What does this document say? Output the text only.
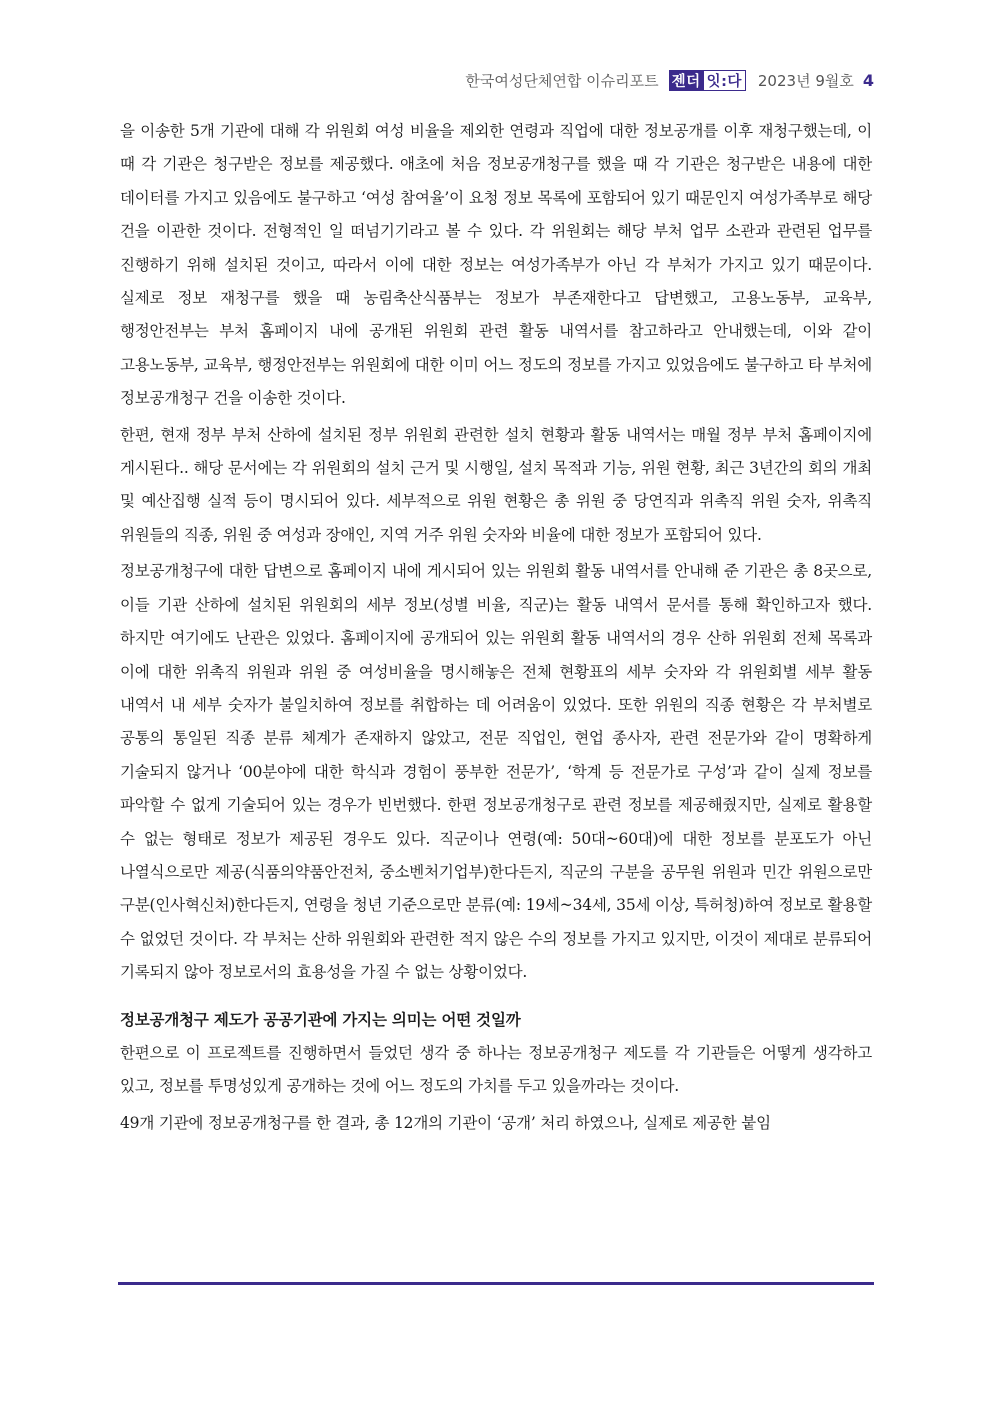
한국여성단체연합 이슈리포트 젠더 잇:다 2023년 9월호 4

을 이송한 5개 기관에 대해 각 위원회 여성 비율을 제외한 연령과 직업에 대한 정보공개를 이후 재청구했는데, 이 때 각 기관은 청구받은 정보를 제공했다. 애초에 처음 정보공개청구를 했을 때 각 기관은 청구받은 내용에 대한 데이터를 가지고 있음에도 불구하고 ‘여성 참여율’이 요청 정보 목록에 포함되어 있기 때문인지 여성가족부로 해당 건을 이관한 것이다. 전형적인 일 떠넘기기라고 볼 수 있다. 각 위원회는 해당 부처 업무 소관과 관련된 업무를 진행하기 위해 설치된 것이고, 따라서 이에 대한 정보는 여성가족부가 아닌 각 부처가 가지고 있기 때문이다. 실제로 정보 재청구를 했을 때 농림축산식품부는 정보가 부존재한다고 답변했고, 고용노동부, 교육부, 행정안전부는 부처 홈페이지 내에 공개된 위원회 관련 활동 내역서를 참고하라고 안내했는데, 이와 같이 고용노동부, 교육부, 행정안전부는 위원회에 대한 이미 어느 정도의 정보를 가지고 있었음에도 불구하고 타 부처에 정보공개청구 건을 이송한 것이다.

한편, 현재 정부 부처 산하에 설치된 정부 위원회 관련한 설치 현황과 활동 내역서는 매월 정부 부처 홈페이지에 게시된다.. 해당 문서에는 각 위원회의 설치 근거 및 시행일, 설치 목적과 기능, 위원 현황, 최근 3년간의 회의 개최 및 예산집행 실적 등이 명시되어 있다. 세부적으로 위원 현황은 총 위원 중 당연직과 위촉직 위원 숫자, 위촉직 위원들의 직종, 위원 중 여성과 장애인, 지역 거주 위원 숫자와 비율에 대한 정보가 포함되어 있다.

정보공개청구에 대한 답변으로 홈페이지 내에 게시되어 있는 위원회 활동 내역서를 안내해 준 기관은 총 8곳으로, 이들 기관 산하에 설치된 위원회의 세부 정보(성별 비율, 직군)는 활동 내역서 문서를 통해 확인하고자 했다. 하지만 여기에도 난관은 있었다. 홈페이지에 공개되어 있는 위원회 활동 내역서의 경우 산하 위원회 전체 목록과 이에 대한 위촉직 위원과 위원 중 여성비율을 명시해놓은 전체 현황표의 세부 숫자와 각 위원회별 세부 활동 내역서 내 세부 숫자가 불일치하여 정보를 취합하는 데 어려움이 있었다. 또한 위원의 직종 현황은 각 부처별로 공통의 통일된 직종 분류 체계가 존재하지 않았고, 전문 직업인, 현업 종사자, 관련 전문가와 같이 명확하게 기술되지 않거나 ‘00분야에 대한 학식과 경험이 풍부한 전문가’, ‘학계 등 전문가로 구성’과 같이 실제 정보를 파악할 수 없게 기술되어 있는 경우가 빈번했다. 한편 정보공개청구로 관련 정보를 제공해줬지만, 실제로 활용할 수 없는 형태로 정보가 제공된 경우도 있다. 직군이나 연령(예: 50대~60대)에 대한 정보를 분포도가 아닌 나열식으로만 제공(식품의약품안전처, 중소벤처기업부)한다든지, 직군의 구분을 공무원 위원과 민간 위원으로만 구분(인사혁신처)한다든지, 연령을 청년 기준으로만 분류(예: 19세~34세, 35세 이상, 특허청)하여 정보로 활용할 수 없었던 것이다. 각 부처는 산하 위원회와 관련한 적지 않은 수의 정보를 가지고 있지만, 이것이 제대로 분류되어 기록되지 않아 정보로서의 효용성을 가질 수 없는 상황이었다.

정보공개청구 제도가 공공기관에 가지는 의미는 어떤 것일까

한편으로 이 프로젝트를 진행하면서 들었던 생각 중 하나는 정보공개청구 제도를 각 기관들은 어떻게 생각하고 있고, 정보를 투명성있게 공개하는 것에 어느 정도의 가치를 두고 있을까라는 것이다.

49개 기관에 정보공개청구를 한 결과, 총 12개의 기관이 ‘공개’ 처리 하였으나, 실제로 제공한 붙임
